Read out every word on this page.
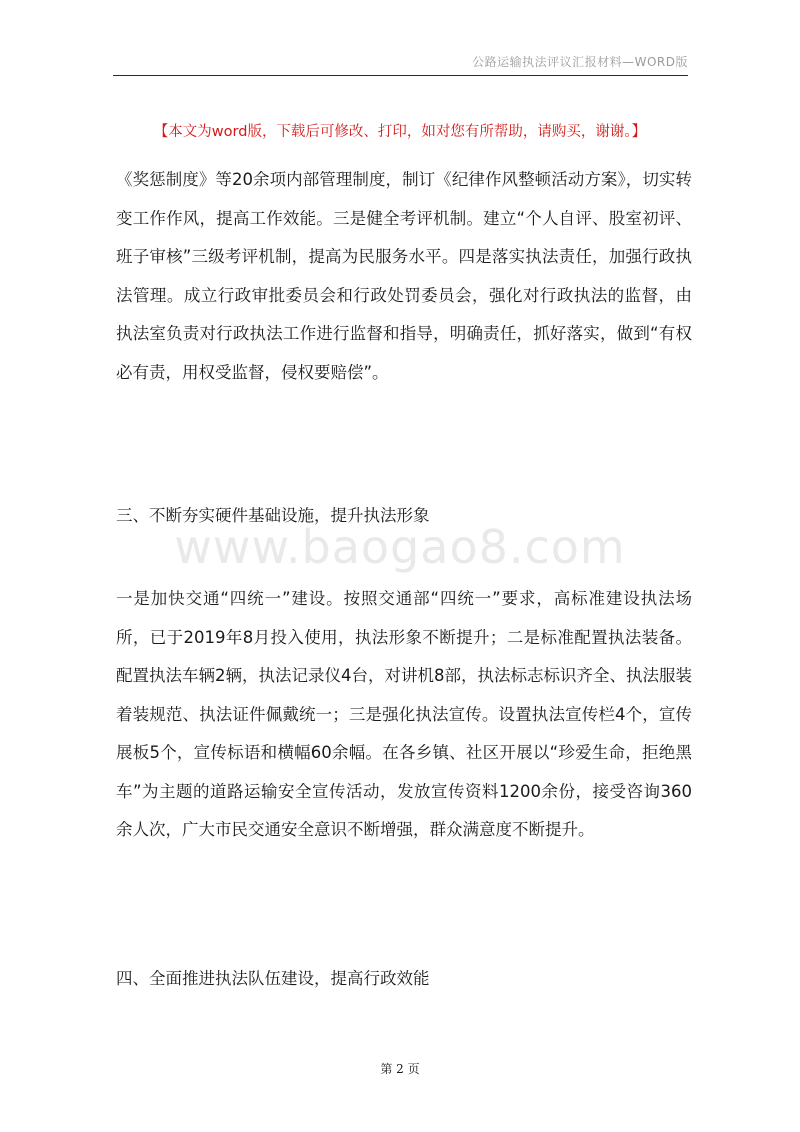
公路运输执法评议汇报材料—WORD版
【本文为word版，下载后可修改、打印，如对您有所帮助，请购买，谢谢。】

《奖惩制度》等20余项内部管理制度，制订《纪律作风整顿活动方案》，切实转变工作作风，提高工作效能。三是健全考评机制。建立“个人自评、股室初评、班子审核”三级考评机制，提高为民服务水平。四是落实执法责任，加强行政执法管理。成立行政审批委员会和行政处罚委员会，强化对行政执法的监督，由执法室负责对行政执法工作进行监督和指导，明确责任，抓好落实，做到“有权必有责，用权受监督，侵权要赔偿”。

www.baogao8.com
三、不断夯实硬件基础设施，提升执法形象

一是加快交通“四统一”建设。按照交通部“四统一”要求，高标准建设执法场所，已于2019年8月投入使用，执法形象不断提升；二是标准配置执法装备。配置执法车辆2辆，执法记录仪4台，对讲机8部，执法标志标识齐全、执法服装着装规范、执法证件佩戴统一；三是强化执法宣传。设置执法宣传栏4个，宣传展板5个，宣传标语和横幅60余幅。在各乡镇、社区开展以“珍爱生命，拒绝黑车”为主题的道路运输安全宣传活动，发放宣传资料1200余份，接受咨询360余人次，广大市民交通安全意识不断增强，群众满意度不断提升。

四、全面推进执法队伍建设，提高行政效能
第 2 页
